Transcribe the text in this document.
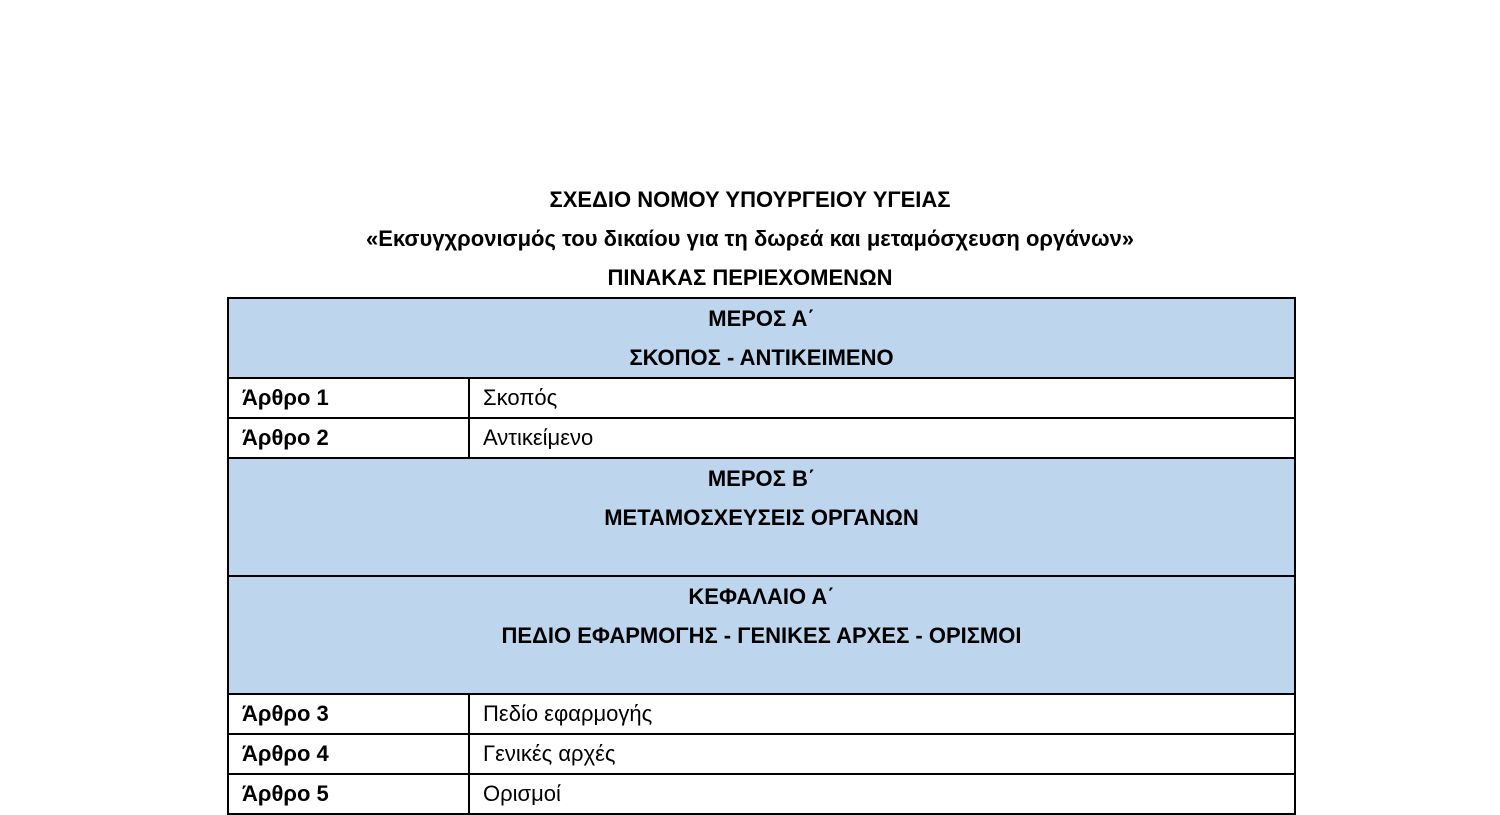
ΣΧΕΔΙΟ ΝΟΜΟΥ ΥΠΟΥΡΓΕΙΟΥ ΥΓΕΙΑΣ
«Εκσυγχρονισμός του δικαίου για τη δωρεά και μεταμόσχευση οργάνων»
ΠΙΝΑΚΑΣ ΠΕΡΙΕΧΟΜΕΝΩΝ
ΜΕΡΟΣ Α΄
ΣΚΟΠΟΣ - ΑΝΤΙΚΕΙΜΕΝΟ	

Άρθρο 1	Σκοπός
Άρθρο 2	Αντικείμενο

ΜΕΡΟΣ Β΄
ΜΕΤΑΜΟΣΧΕΥΣΕΙΣ ΟΡΓΑΝΩΝ	

ΚΕΦΑΛΑΙΟ Α΄
ΠΕΔΙΟ ΕΦΑΡΜΟΓΗΣ - ΓΕΝΙΚΕΣ ΑΡΧΕΣ - ΟΡΙΣΜΟΙ	

Άρθρο 3	Πεδίο εφαρμογής
Άρθρο 4	Γενικές αρχές
Άρθρο 5	Ορισμοί
